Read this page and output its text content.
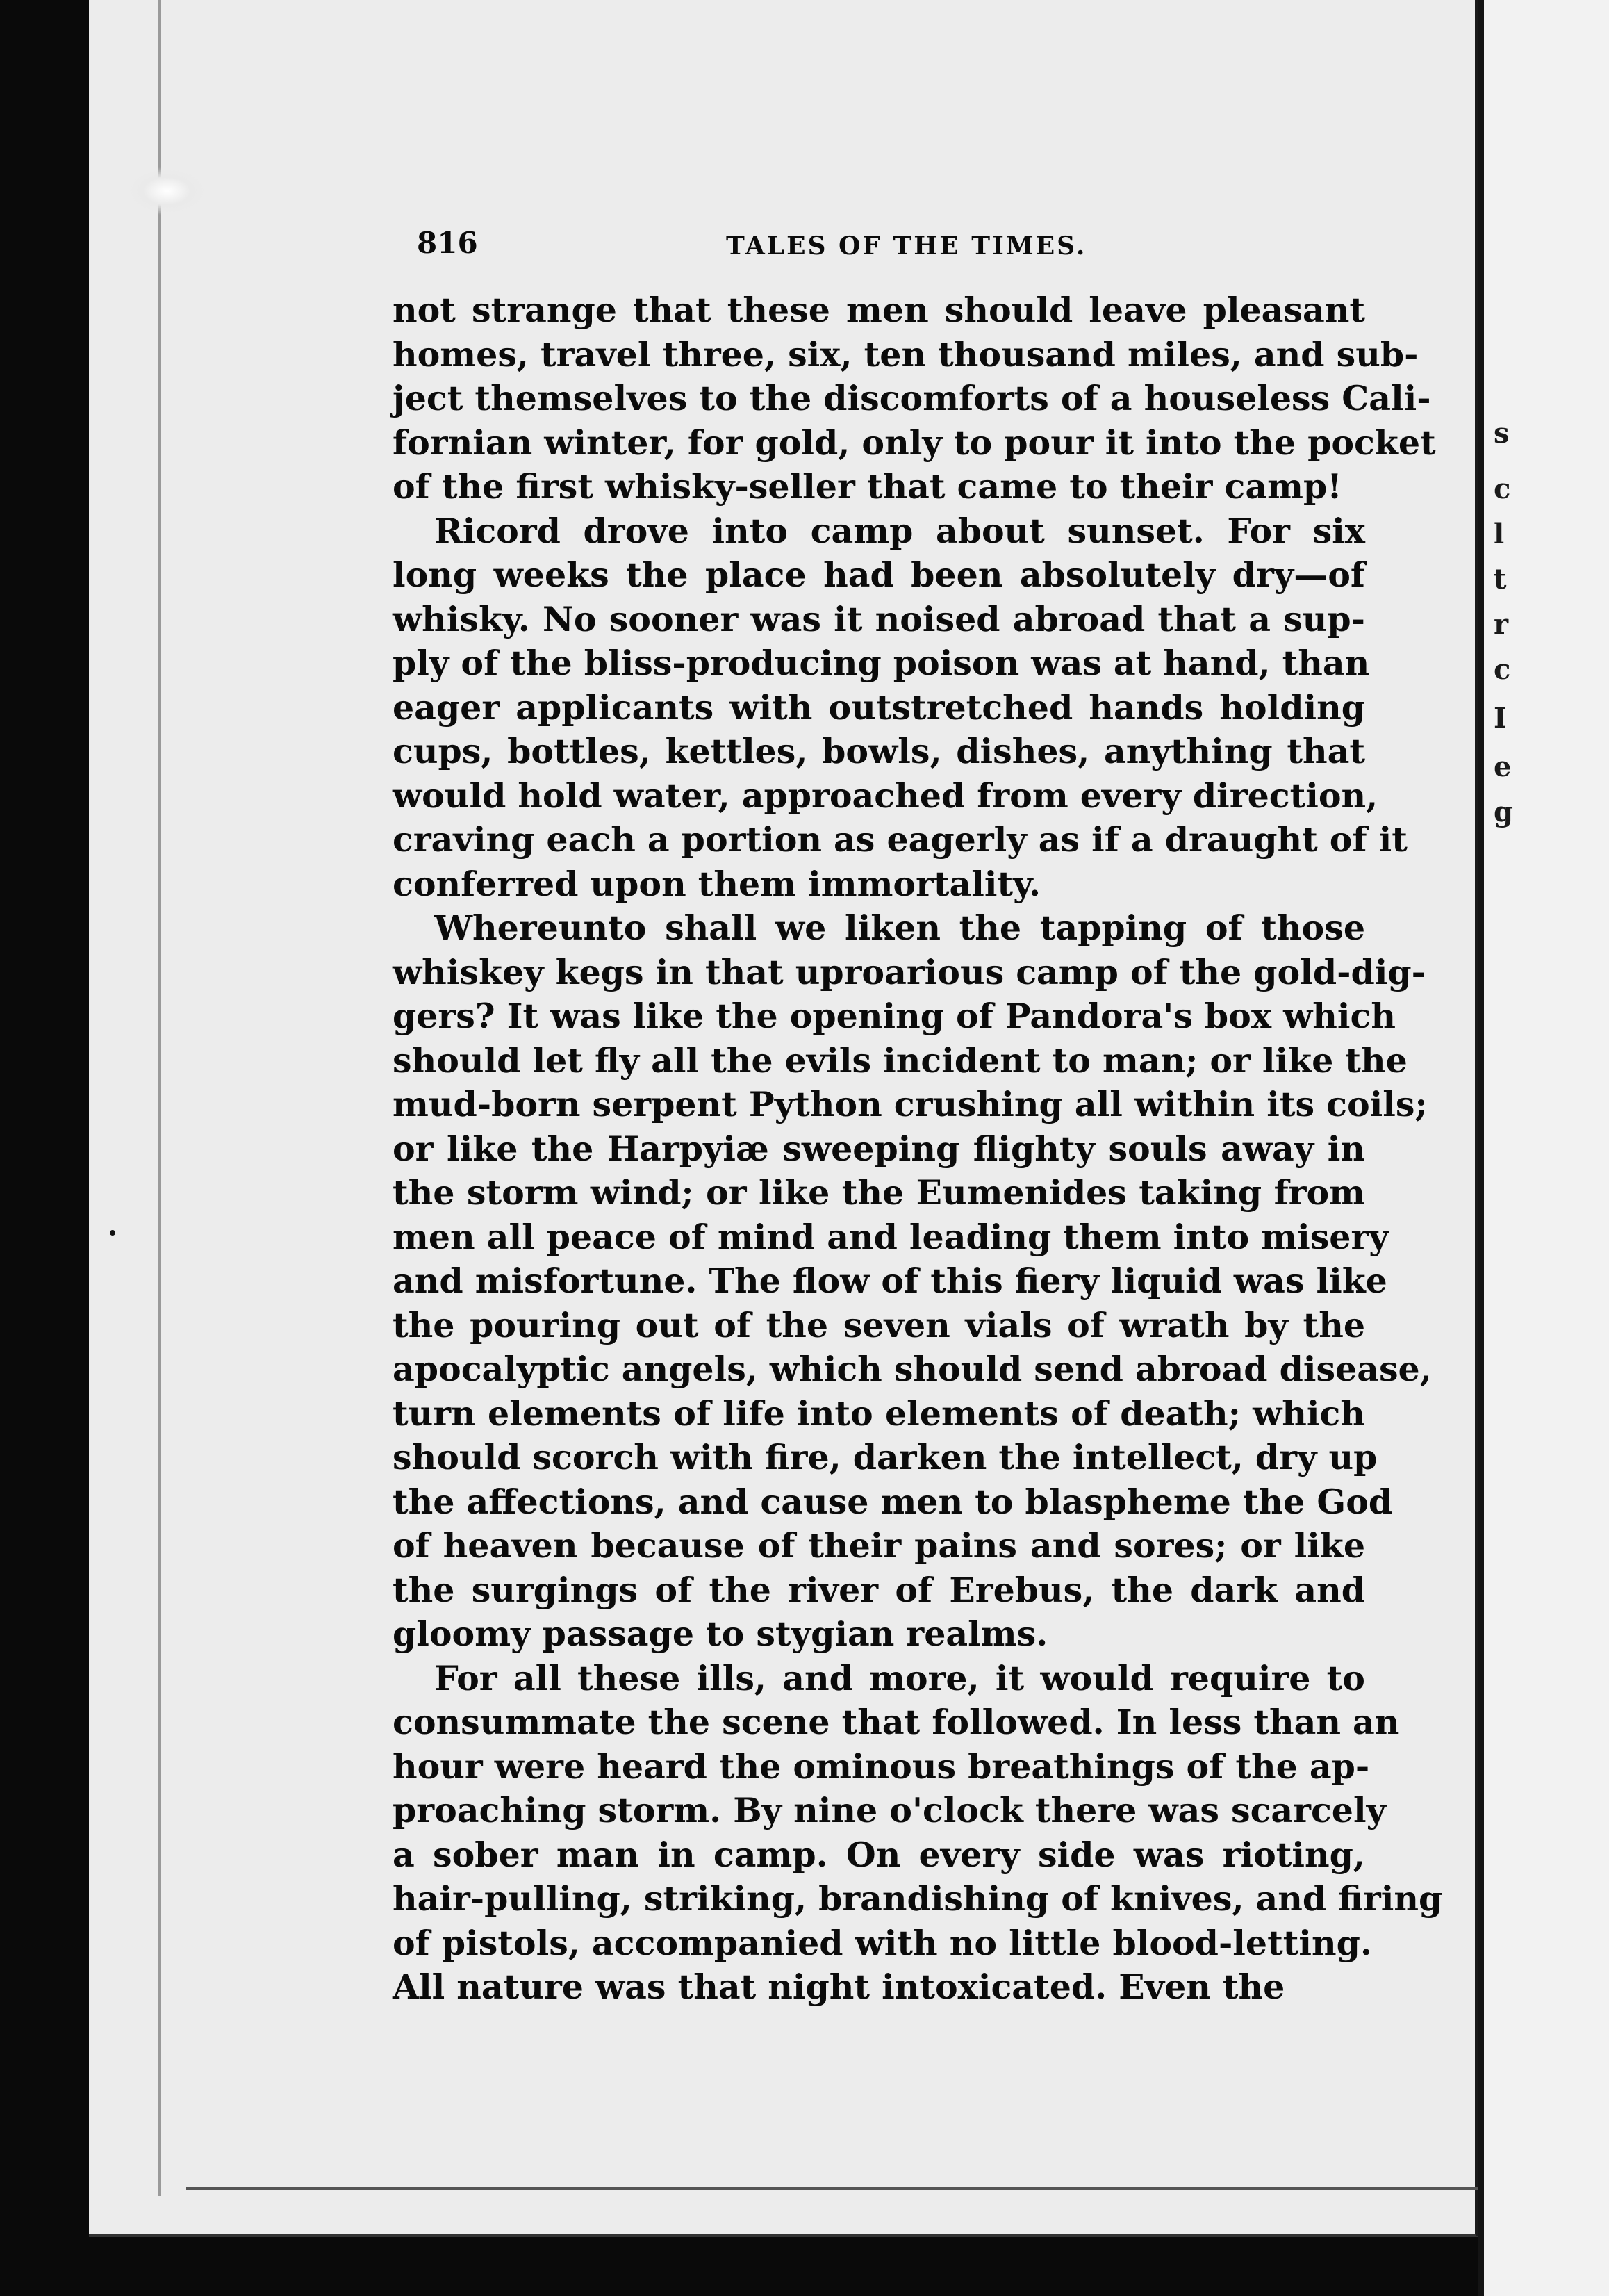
s
c
l
t
r
c
I
e
g
816	TALES OF THE TIMES.
not strange that these men should leave pleasant
homes, travel three, six, ten thousand miles, and sub-
ject themselves to the discomforts of a houseless Cali-
fornian winter, for gold, only to pour it into the pocket
of the first whisky-seller that came to their camp!
Ricord drove into camp about sunset. For six
long weeks the place had been absolutely dry—of
whisky. No sooner was it noised abroad that a sup-
ply of the bliss-producing poison was at hand, than
eager applicants with outstretched hands holding
cups, bottles, kettles, bowls, dishes, anything that
would hold water, approached from every direction,
craving each a portion as eagerly as if a draught of it
conferred upon them immortality.
Whereunto shall we liken the tapping of those
whiskey kegs in that uproarious camp of the gold-dig-
gers? It was like the opening of Pandora's box which
should let fly all the evils incident to man; or like the
mud-born serpent Python crushing all within its coils;
or like the Harpyiæ sweeping flighty souls away in
the storm wind; or like the Eumenides taking from
men all peace of mind and leading them into misery
and misfortune. The flow of this fiery liquid was like
the pouring out of the seven vials of wrath by the
apocalyptic angels, which should send abroad disease,
turn elements of life into elements of death; which
should scorch with fire, darken the intellect, dry up
the affections, and cause men to blaspheme the God
of heaven because of their pains and sores; or like
the surgings of the river of Erebus, the dark and
gloomy passage to stygian realms.
For all these ills, and more, it would require to
consummate the scene that followed. In less than an
hour were heard the ominous breathings of the ap-
proaching storm. By nine o'clock there was scarcely
a sober man in camp. On every side was rioting,
hair-pulling, striking, brandishing of knives, and firing
of pistols, accompanied with no little blood-letting.
All nature was that night intoxicated. Even the
